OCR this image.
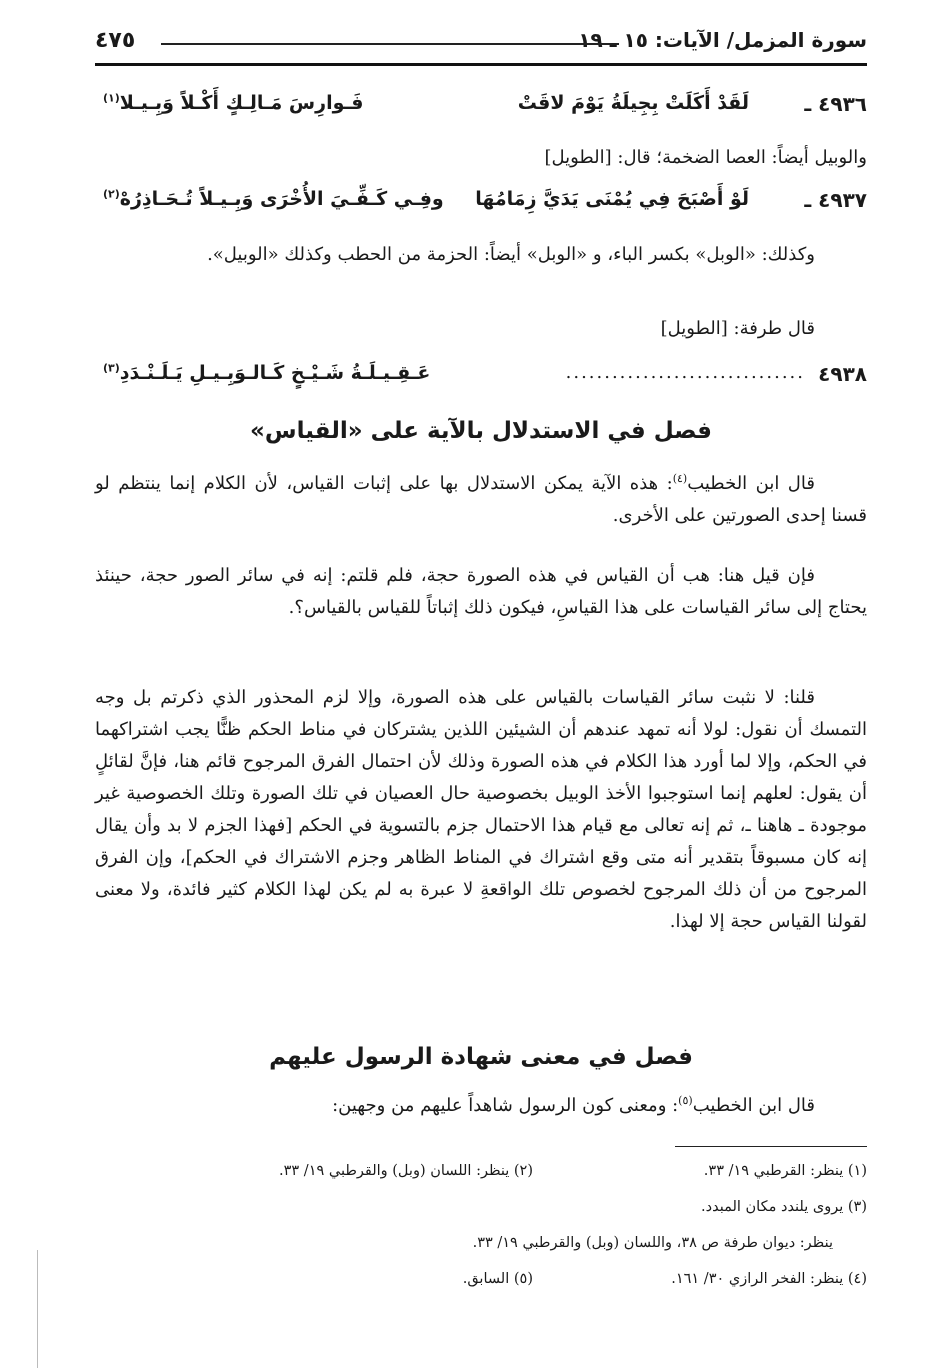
سورة المزمل/ الآيات: ١٥ ـ ١٩
٤٧٥
٤٩٣٦ ـ
لَقَدْ أَكَلَتْ بِجِيلَةُ يَوْمَ لاقَتْ
فَـوارِسَ مَـالِـكٍ أَكْـلاً وَبِـيـلا$^{(١)}$
والوبيل أيضاً: العصا الضخمة؛ قال: [الطويل]
٤٩٣٧ ـ
لَوْ أَصْبَحَ فِي يُمْنَى يَدَيَّ زِمَامُهَا
وفِـي كَـفِّـيَ الأُخْرَى وَبِـيـلاً تُـحَـاذِرُهْ$^{(٢)}$
وكذلك: «الوبل» بكسر الباء، و «الوبل» أيضاً: الحزمة من الحطب وكذلك «الوبيل».
قال طرفة: [الطويل]
٤٩٣٨
...............................
عَـقِـيـلَـةُ شَـيْـخٍ كَـالـوَبِـيـلِ يَـلَـنْـدَدِ$^{(٣)}$
فصل في الاستدلال بالآية على «القياس»
قال ابن الخطيب$^{(٤)}$: هذه الآية يمكن الاستدلال بها على إثبات القياس، لأن الكلام إنما ينتظم لو قسنا إحدى الصورتين على الأخرى.
فإن قيل هنا: هب أن القياس في هذه الصورة حجة، فلم قلتم: إنه في سائر الصور حجة، حينئذ يحتاج إلى سائر القياسات على هذا القياسِ، فيكون ذلك إثباتاً للقياس بالقياس؟.
قلنا: لا نثبت سائر القياسات بالقياس على هذه الصورة، وإلا لزم المحذور الذي ذكرتم بل وجه التمسك أن نقول: لولا أنه تمهد عندهم أن الشيئين اللذين يشتركان في مناط الحكم ظنًّا يجب اشتراكهما في الحكم، وإلا لما أورد هذا الكلام في هذه الصورة وذلك لأن احتمال الفرق المرجوح قائم هنا، فإنَّ لقائلٍ أن يقول: لعلهم إنما استوجبوا الأخذ الوبيل بخصوصية حال العصيان في تلك الصورة وتلك الخصوصية غير موجودة ـ هاهنا ـ، ثم إنه تعالى مع قيام هذا الاحتمال جزم بالتسوية في الحكم [فهذا الجزم لا بد وأن يقال إنه كان مسبوقاً بتقدير أنه متى وقع اشتراك في المناط الظاهر وجزم الاشتراك في الحكم]، وإن الفرق المرجوح من أن ذلك المرجوح لخصوص تلك الواقعةِ لا عبرة به لم يكن لهذا الكلام كثير فائدة، ولا معنى لقولنا القياس حجة إلا لهذا.
فصل في معنى شهادة الرسول عليهم
قال ابن الخطيب$^{(٥)}$: ومعنى كون الرسول شاهداً عليهم من وجهين:
(١) ينظر: القرطبي ١٩/ ٣٣.
(٢) ينظر: اللسان (وبل) والقرطبي ١٩/ ٣٣.
(٣) يروى يلندد مكان المبدد.
ينظر: ديوان طرفة ص ٣٨، واللسان (وبل) والقرطبي ١٩/ ٣٣.
(٤) ينظر: الفخر الرازي ٣٠/ ١٦١.
(٥) السابق.
